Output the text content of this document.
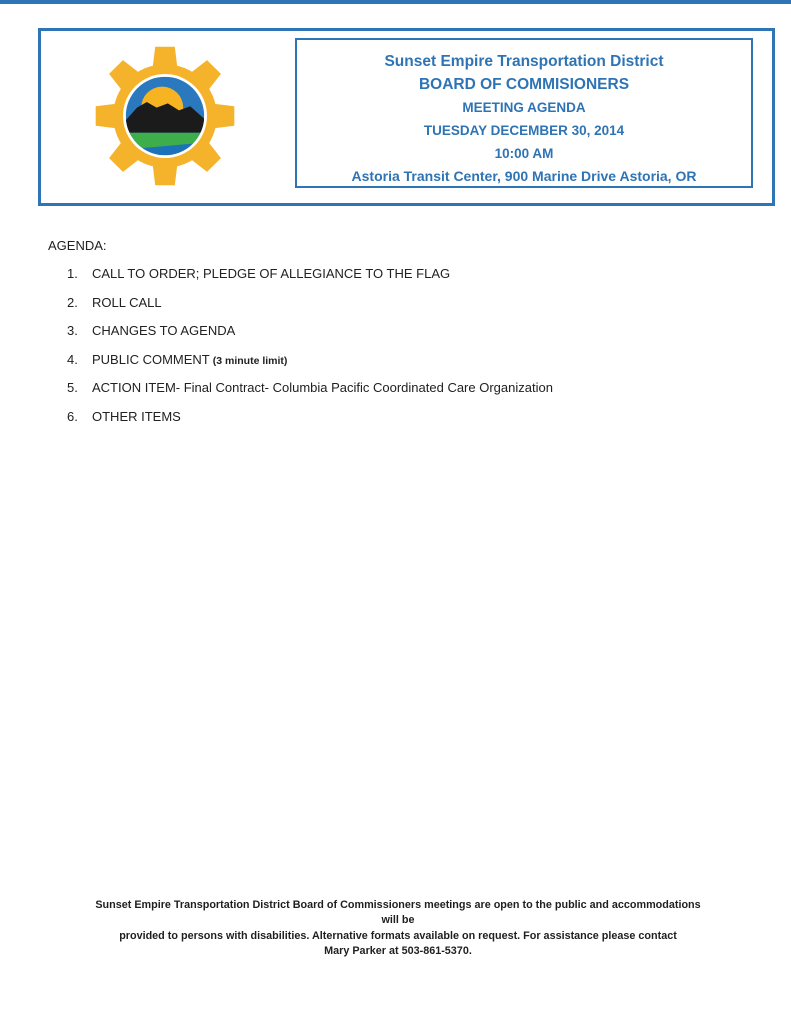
Sunset Empire Transportation District
BOARD OF COMMISIONERS
MEETING AGENDA
TUESDAY DECEMBER 30, 2014
10:00 AM
Astoria Transit Center, 900 Marine Drive Astoria, OR
AGENDA:
1. CALL TO ORDER; PLEDGE OF ALLEGIANCE TO THE FLAG
2. ROLL CALL
3. CHANGES TO AGENDA
4. PUBLIC COMMENT (3 minute limit)
5. ACTION ITEM- Final Contract- Columbia Pacific Coordinated Care Organization
6. OTHER ITEMS
Sunset Empire Transportation District Board of Commissioners meetings are open to the public and accommodations will be
provided to persons with disabilities. Alternative formats available on request. For assistance please contact
Mary Parker at 503-861-5370.
